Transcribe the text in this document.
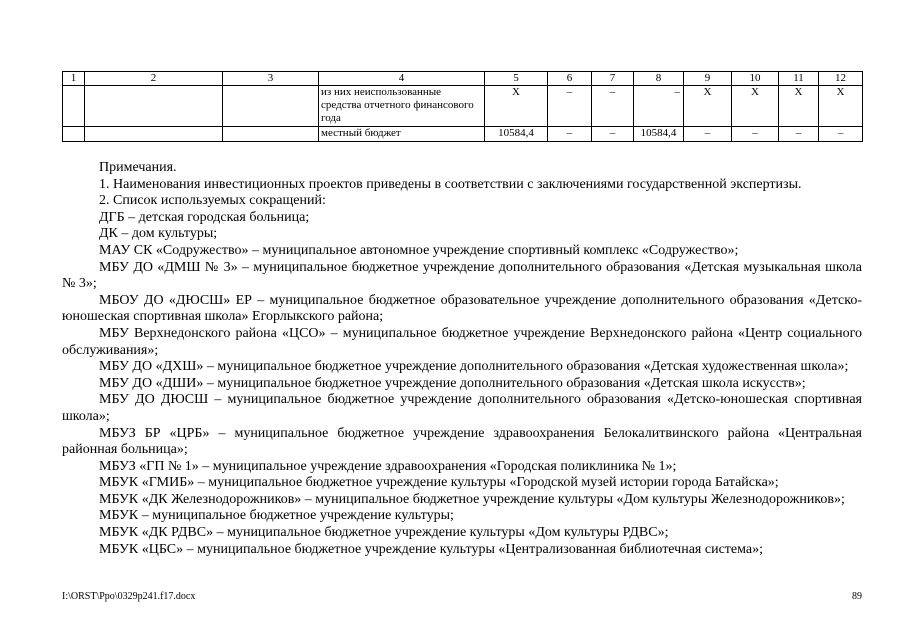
1	2	3	4	5	6	7	8	9	10	11	12
			из них неиспользованные средства отчетного финансового года	Х	–	–	–	Х	Х	Х	Х
			местный бюджет	10584,4	–	–	10584,4	–	–	–	–

Примечания.

1. Наименования инвестиционных проектов приведены в соответствии с заключениями государственной экспертизы.

2. Список используемых сокращений:

ДГБ – детская городская больница;

ДК – дом культуры;

МАУ СК «Содружество» – муниципальное автономное учреждение спортивный комплекс «Содружество»;

МБУ ДО «ДМШ № 3» – муниципальное бюджетное учреждение дополнительного образования «Детская музыкальная школа № 3»;

МБОУ ДО «ДЮСШ» ЕР – муниципальное бюджетное образовательное учреждение дополнительного образования «Детско-юношеская спортивная школа» Егорлыкского района;

МБУ Верхнедонского района «ЦСО» – муниципальное бюджетное учреждение Верхнедонского района «Центр социального обслуживания»;

МБУ ДО «ДХШ» – муниципальное бюджетное учреждение дополнительного образования «Детская художественная школа»;

МБУ ДО «ДШИ» – муниципальное бюджетное учреждение дополнительного образования «Детская школа искусств»;

МБУ ДО ДЮСШ – муниципальное бюджетное учреждение дополнительного образования «Детско-юношеская спортивная школа»;

МБУЗ БР «ЦРБ» – муниципальное бюджетное учреждение здравоохранения Белокалитвинского района «Центральная районная больница»;

МБУЗ «ГП № 1» – муниципальное учреждение здравоохранения «Городская поликлиника № 1»;

МБУК «ГМИБ» – муниципальное бюджетное учреждение культуры «Городской музей истории города Батайска»;

МБУК «ДК Железнодорожников» – муниципальное бюджетное учреждение культуры «Дом культуры Железнодорожников»;

МБУК – муниципальное бюджетное учреждение культуры;

МБУК «ДК РДВС» – муниципальное бюджетное учреждение культуры «Дом культуры РДВС»;

МБУК «ЦБС» – муниципальное бюджетное учреждение культуры «Централизованная библиотечная система»;

I:\ORST\Ppo\0329p241.f17.docx	89
